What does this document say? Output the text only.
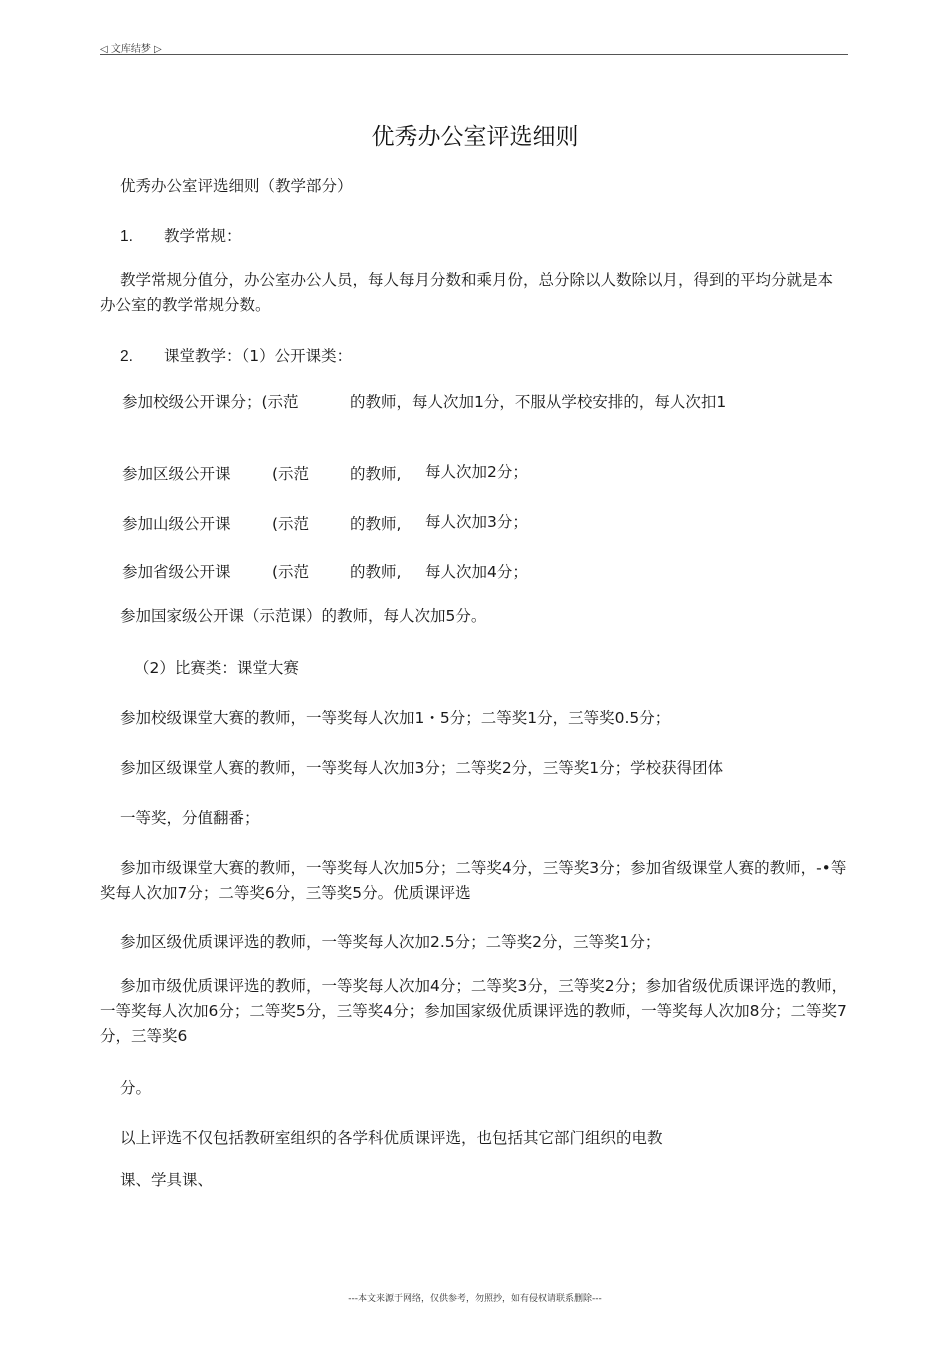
◁ 文库结梦 ▷
优秀办公室评选细则
优秀办公室评选细则（教学部分）
1. 教学常规：
教学常规分值分，办公室办公人员，每人每月分数和乘月份，总分除以人数除以月，得到的平均分就是本办公室的教学常规分数。
2. 课堂教学：（1）公开课类：
参加校级公开课分；(示范	的教师，每人次加1分，不服从学校安排的，每人次扣1
参加区级公开课	(示范	的教师, 每人次加2分；
参加山级公开课	(示范	的教师, 每人次加3分；
参加省级公开课	(示范	的教师, 每人次加4分；
参加国家级公开课（示范课）的教师，每人次加5分。
（2）比赛类：课堂大赛
参加校级课堂大赛的教师，一等奖每人次加1・5分；二等奖1分，三等奖0.5分；
参加区级课堂人赛的教师，一等奖每人次加3分；二等奖2分，三等奖1分；学校获得团体
一等奖，分值翻番；
参加市级课堂大赛的教师，一等奖每人次加5分；二等奖4分，三等奖3分；参加省级课堂人赛的教师，-•等奖每人次加7分；二等奖6分，三等奖5分。优质课评选
参加区级优质课评选的教师，一等奖每人次加2.5分；二等奖2分，三等奖1分；
参加市级优质课评选的教师，一等奖每人次加4分；二等奖3分，三等奖2分；参加省级优质课评选的教师，一等奖每人次加6分；二等奖5分，三等奖4分；参加国家级优质课评选的教师，一等奖每人次加8分；二等奖7分，三等奖6
分。
以上评选不仅包括教研室组织的各学科优质课评选，也包括其它部门组织的电教
课、学具课、
---本文来源于网络，仅供参考，勿照抄，如有侵权请联系删除---
